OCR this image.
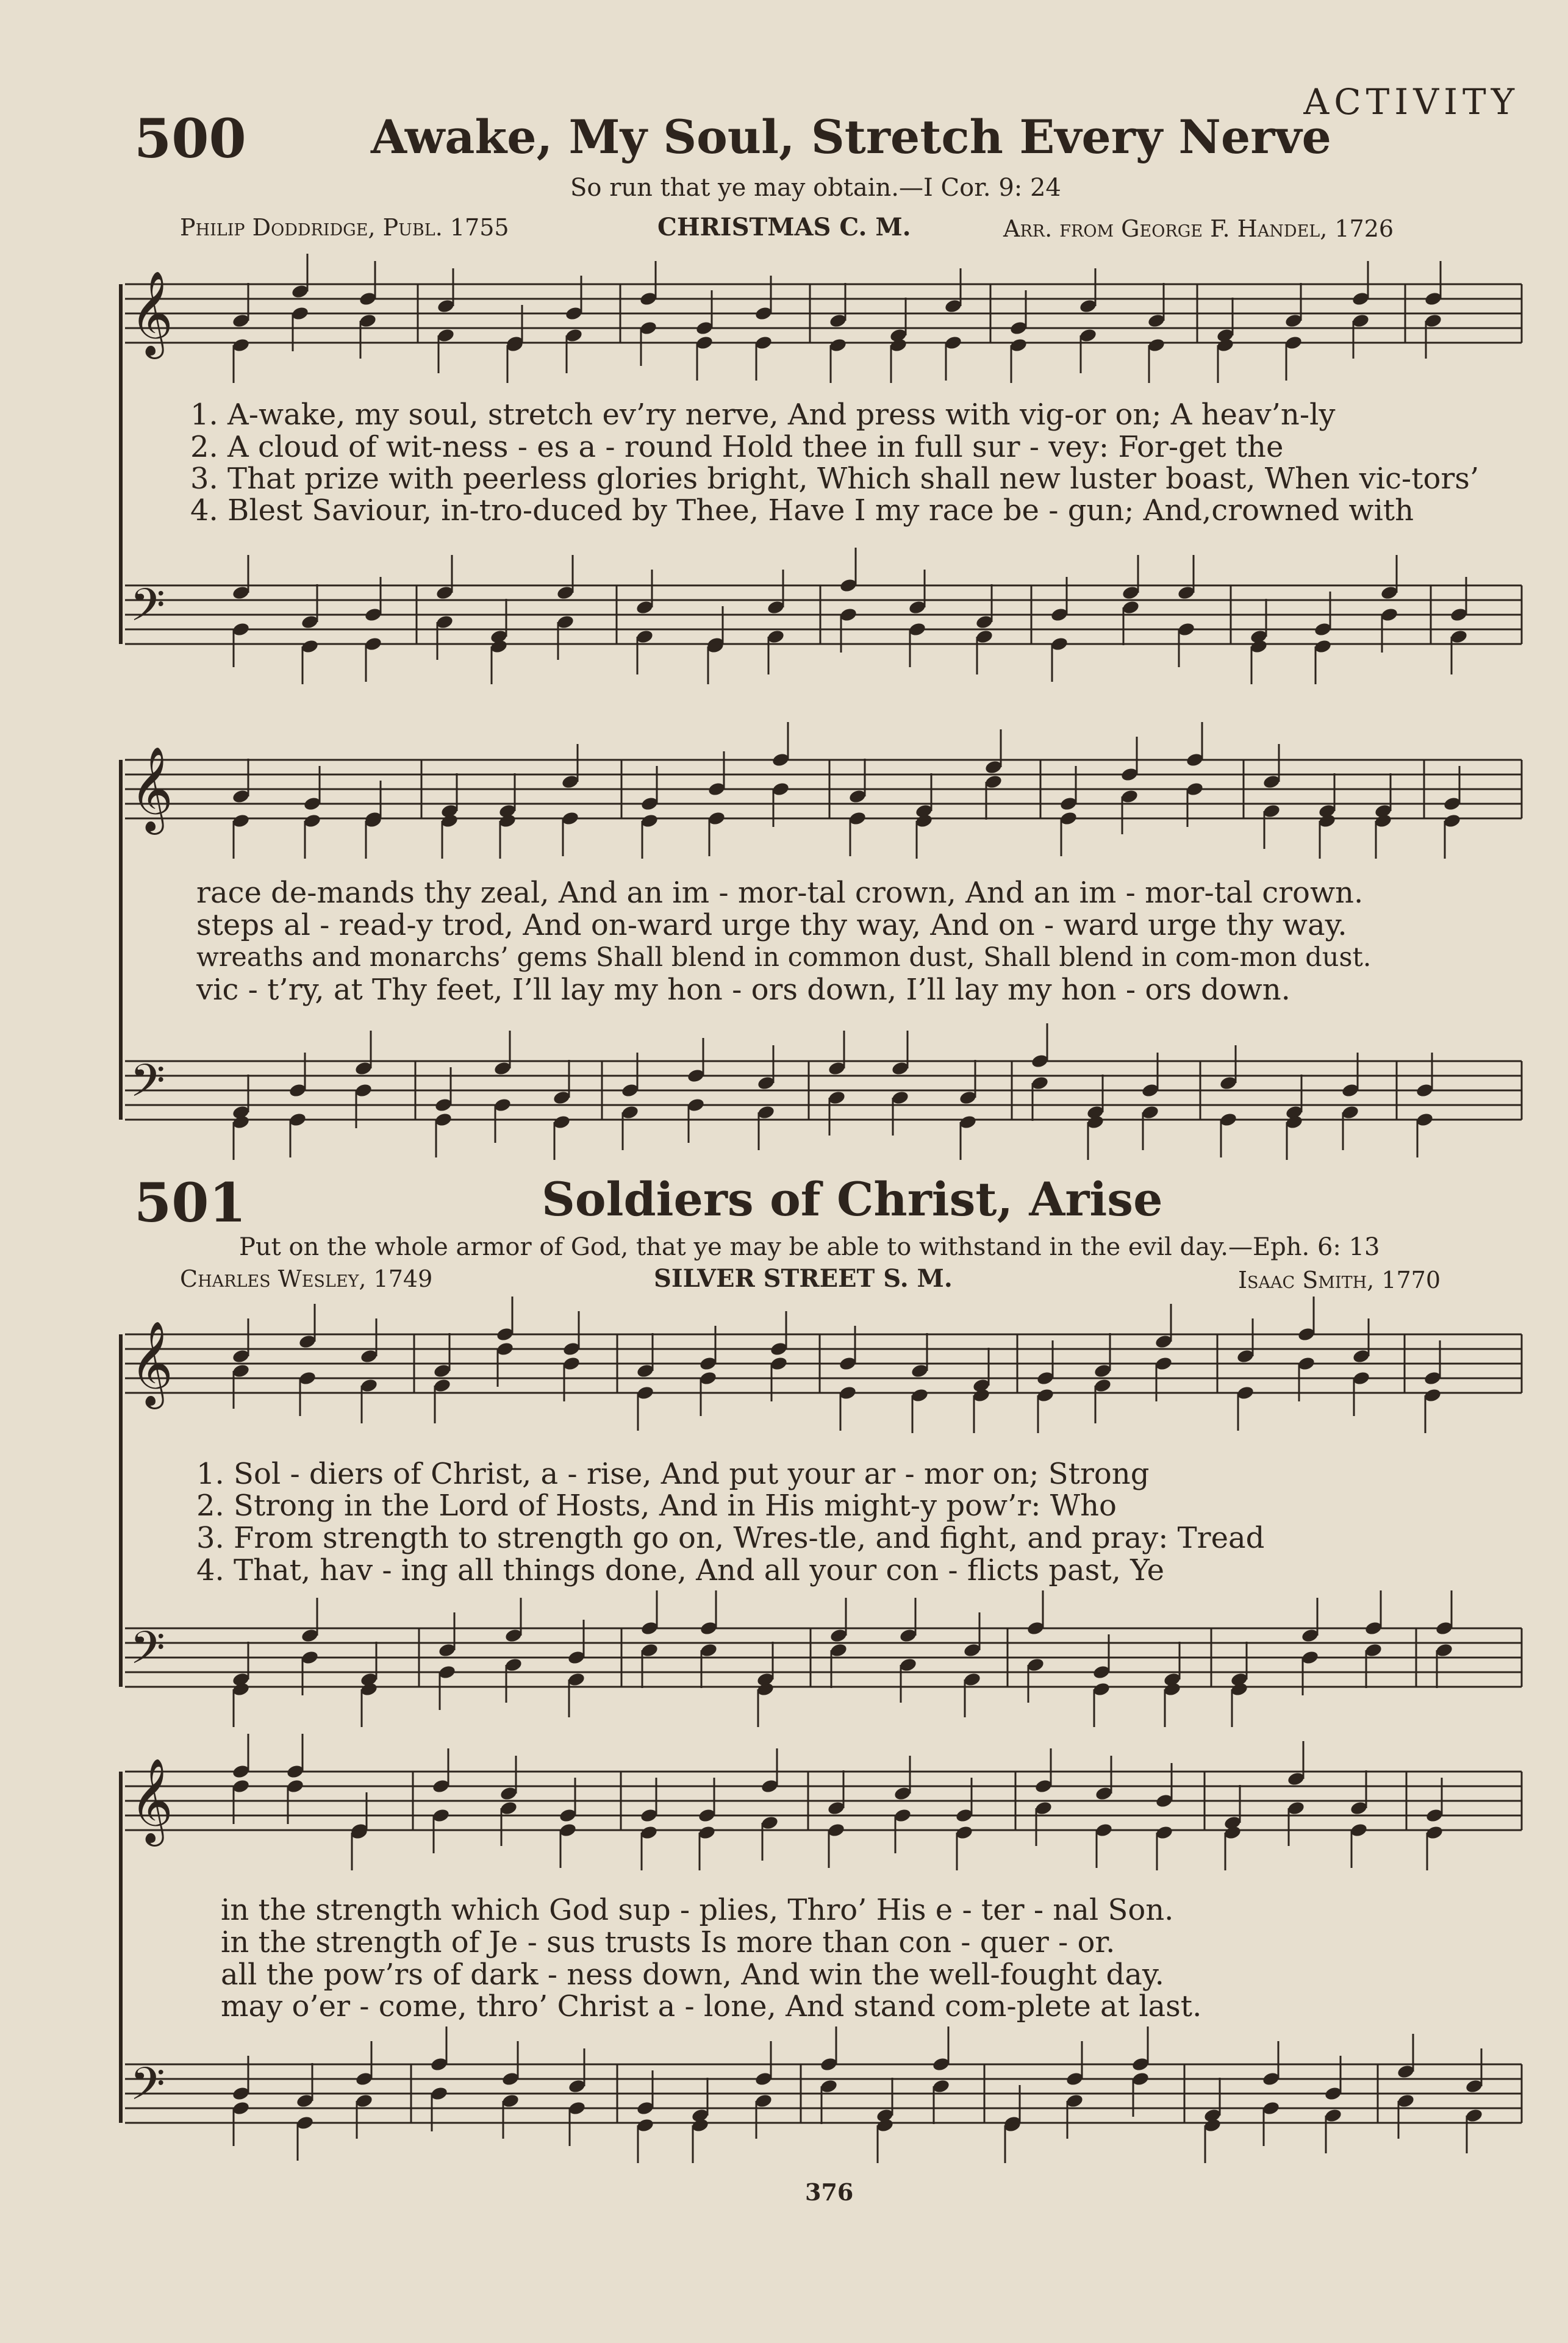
ACTIVITY
500	Awake, My Soul, Stretch Every Nerve
So run that ye may obtain.—I Cor. 9: 24
Philip Doddridge, Publ. 1755	CHRISTMAS C. M.	Arr. from George F. Handel, 1726
501	Soldiers of Christ, Arise
Put on the whole armor of God, that ye may be able to withstand in the evil day.—Eph. 6: 13
Charles Wesley, 1749	SILVER STREET S. M.	Isaac Smith, 1770
1. A-wake, my soul, stretch ev’ry nerve, And press with vig-or on; A heav’n-ly
2. A cloud of wit-ness - es a - round Hold thee in full sur - vey: For-get the
3. That prize with peerless glories bright, Which shall new luster boast, When vic-tors’
4. Blest Saviour, in-tro-duced by Thee, Have I my race be - gun; And,crowned with
race de-mands thy zeal, And an im - mor-tal crown, And an im - mor-tal crown.
steps al - read-y trod, And on-ward urge thy way, And on - ward urge thy way.
wreaths and monarchs’ gems Shall blend in common dust, Shall blend in com-mon dust.
vic - t’ry, at Thy feet, I’ll lay my hon - ors down, I’ll lay my hon - ors down.
1. Sol - diers of Christ, a - rise, And put your ar - mor on; Strong
2. Strong in the Lord of Hosts, And in His might-y pow’r: Who
3. From strength to strength go on, Wres-tle, and fight, and pray: Tread
4. That, hav - ing all things done, And all your con - flicts past, Ye
in the strength which God sup - plies, Thro’ His e - ter - nal Son.
in the strength of Je - sus trusts Is more than con - quer - or.
all the pow’rs of dark - ness down, And win the well-fought day.
may o’er - come, thro’ Christ a - lone, And stand com-plete at last.
376
𝄞
𝄢
𝄞
𝄢
𝄞
𝄢
𝄞
𝄢
